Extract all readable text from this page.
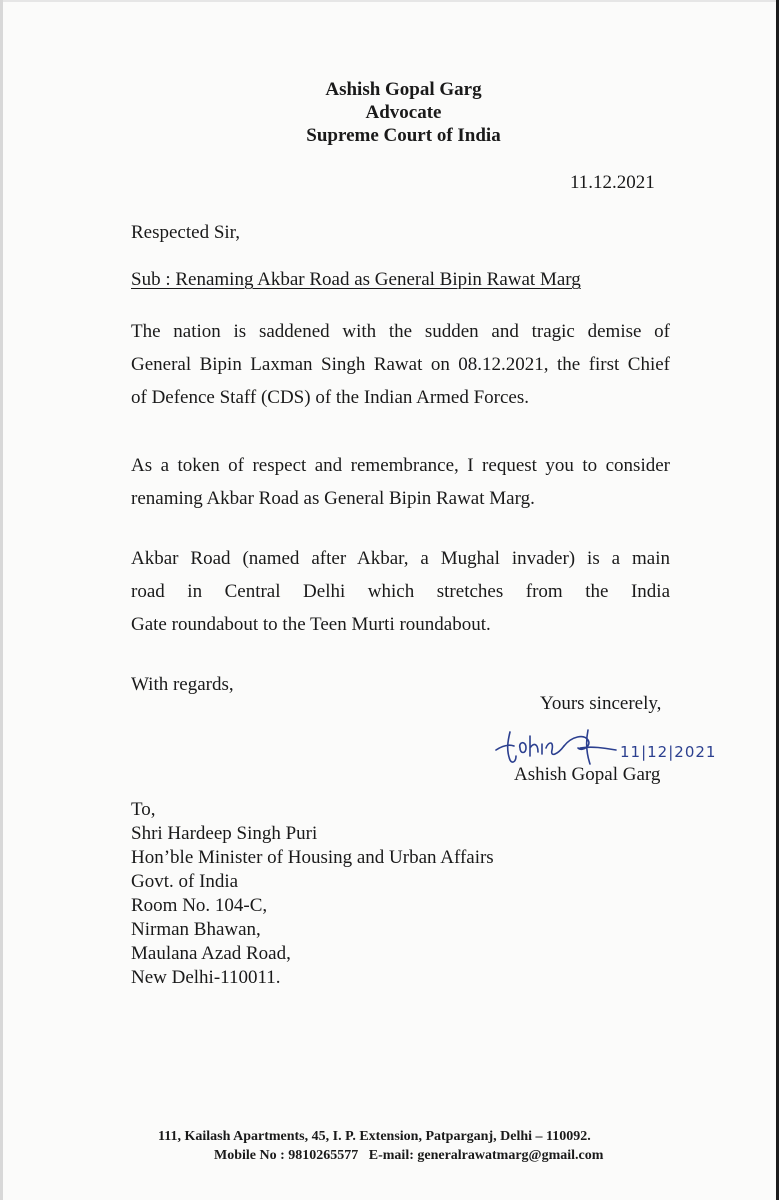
Ashish Gopal Garg
Advocate
Supreme Court of India
11.12.2021
Respected Sir,
Sub : Renaming Akbar Road as General Bipin Rawat Marg
The nation is saddened with the sudden and tragic demise of
General Bipin Laxman Singh Rawat on 08.12.2021, the first Chief
of Defence Staff (CDS) of the Indian Armed Forces.
As a token of respect and remembrance, I request you to consider
renaming Akbar Road as General Bipin Rawat Marg.
Akbar Road (named after Akbar, a Mughal invader) is a main
road in Central Delhi which stretches from the India
Gate roundabout to the Teen Murti roundabout.
With regards,
Yours sincerely,
11|12|2021
Ashish Gopal Garg
To,
Shri Hardeep Singh Puri
Hon’ble Minister of Housing and Urban Affairs
Govt. of India
Room No. 104-C,
Nirman Bhawan,
Maulana Azad Road,
New Delhi-110011.
111, Kailash Apartments, 45, I. P. Extension, Patparganj, Delhi – 110092.
Mobile No : 9810265577   E-mail: generalrawatmarg@gmail.com
